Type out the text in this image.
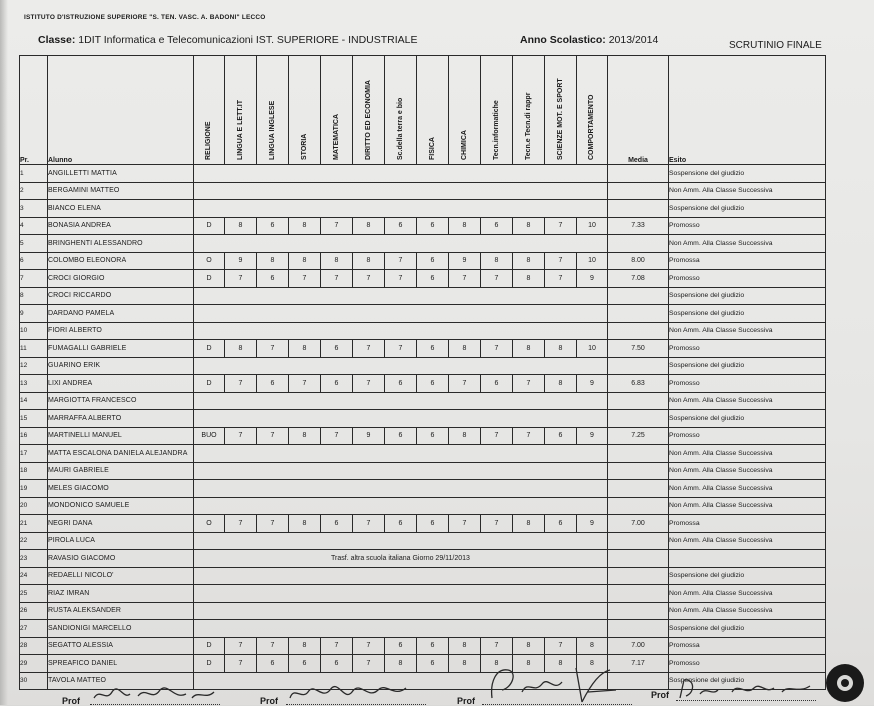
ISTITUTO D'ISTRUZIONE SUPERIORE "S. TEN. VASC. A. BADONI" LECCO
Classe: 1DIT Informatica e Telecomunicazioni IST. SUPERIORE - INDUSTRIALE	Anno Scolastico: 2013/2014	SCRUTINIO FINALE
Pr.	Alunno	RELIGIONE	LINGUA E LETT.IT	LINGUA INGLESE	STORIA	MATEMATICA	DIRITTO ED ECONOMIA	Sc.della terra e bio	FISICA	CHIMICA	Tecn.informatiche	Tecn.e Tecn.di rappr	SCIENZE MOT. E SPORT	COMPORTAMENTO	Media	Esito
1	ANGILLETTI MATTIA															Sospensione del giudizio
2	BERGAMINI MATTEO															Non Amm. Alla Classe Successiva
3	BIANCO ELENA															Sospensione del giudizio
4	BONASIA ANDREA	D	8	6	8	7	8	6	6	8	6	8	7	10	7.33	Promosso
5	BRINGHENTI ALESSANDRO															Non Amm. Alla Classe Successiva
6	COLOMBO ELEONORA	O	9	8	8	8	8	7	6	9	8	8	7	10	8.00	Promossa
7	CROCI GIORGIO	D	7	6	7	7	7	7	6	7	7	8	7	9	7.08	Promosso
8	CROCI RICCARDO															Sospensione del giudizio
9	DARDANO PAMELA															Sospensione del giudizio
10	FIORI ALBERTO															Non Amm. Alla Classe Successiva
11	FUMAGALLI GABRIELE	D	8	7	8	6	7	7	6	8	7	8	8	10	7.50	Promosso
12	GUARINO ERIK															Sospensione del giudizio
13	LIXI ANDREA	D	7	6	7	6	7	6	6	7	6	7	8	9	6.83	Promosso
14	MARGIOTTA FRANCESCO															Non Amm. Alla Classe Successiva
15	MARRAFFA ALBERTO															Sospensione del giudizio
16	MARTINELLI MANUEL	BUO	7	7	8	7	9	6	6	8	7	7	6	9	7.25	Promosso
17	MATTA ESCALONA DANIELA ALEJANDRA															Non Amm. Alla Classe Successiva
18	MAURI GABRIELE															Non Amm. Alla Classe Successiva
19	MELES GIACOMO															Non Amm. Alla Classe Successiva
20	MONDONICO SAMUELE															Non Amm. Alla Classe Successiva
21	NEGRI DANA	O	7	7	8	6	7	6	6	7	7	8	6	9	7.00	Promossa
22	PIROLA LUCA															Non Amm. Alla Classe Successiva
23	RAVASIO GIACOMO	Trasf. altra scuola italiana Giorno 29/11/2013														
24	REDAELLI NICOLO'															Sospensione del giudizio
25	RIAZ IMRAN															Non Amm. Alla Classe Successiva
26	RUSTA ALEKSANDER															Non Amm. Alla Classe Successiva
27	SANDIONIGI MARCELLO															Sospensione del giudizio
28	SEGATTO ALESSIA	D	7	7	8	7	7	6	6	8	7	8	7	8	7.00	Promossa
29	SPREAFICO DANIEL	D	7	6	6	6	7	8	6	8	8	8	8	8	7.17	Promosso
30	TAVOLA MATTEO															Sospensione del giudizio
Prof	Prof	Prof
Prof
